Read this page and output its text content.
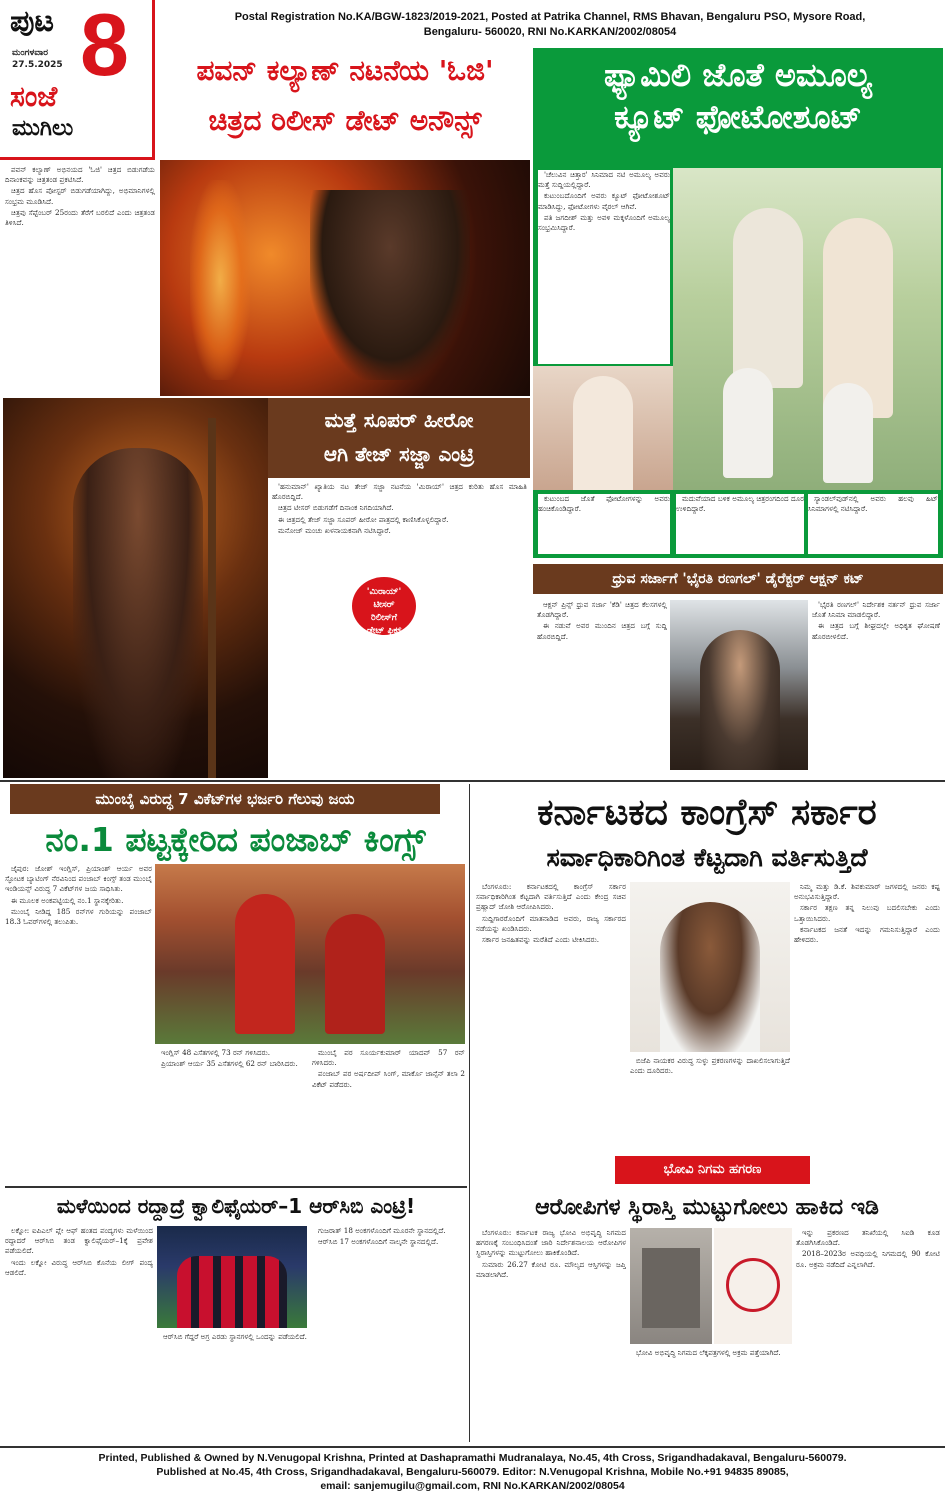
ಪುಟ 8
ಮಂಗಳವಾರ
27.5.2025
ಸಂಜೆ
ಮುಗಿಲು
Postal Registration No.KA/BGW-1823/2019-2021, Posted at Patrika Channel, RMS Bhavan, Bengaluru PSO, Mysore Road,
Bengaluru- 560020, RNI No.KARKAN/2002/08054
ಪವನ್ ಕಲ್ಯಾಣ್ ನಟನೆಯ 'ಓಜಿ'
ಚಿತ್ರದ ರಿಲೀಸ್ ಡೇಟ್ ಅನೌನ್ಸ್

ಪವನ್ ಕಲ್ಯಾಣ್ ಅಭಿನಯದ 'ಓಜಿ' ಚಿತ್ರದ ಬಿಡುಗಡೆಯ ದಿನಾಂಕವನ್ನು ಚಿತ್ರತಂಡ ಪ್ರಕಟಿಸಿದೆ.

ಚಿತ್ರದ ಹೊಸ ಪೋಸ್ಟರ್ ಬಿಡುಗಡೆಯಾಗಿದ್ದು, ಅಭಿಮಾನಿಗಳಲ್ಲಿ ಸಂಭ್ರಮ ಮೂಡಿಸಿದೆ.

ಚಿತ್ರವು ಸೆಪ್ಟೆಂಬರ್ 25ರಂದು ತೆರೆಗೆ ಬರಲಿದೆ ಎಂದು ಚಿತ್ರತಂಡ ತಿಳಿಸಿದೆ.

ಫ್ಯಾಮಿಲಿ ಜೊತೆ ಅಮೂಲ್ಯ
ಕ್ಯೂಟ್ ಫೋಟೋಶೂಟ್

'ಚೆಲುವಿನ ಚಿತ್ತಾರ' ಸಿನಿಮಾದ ನಟಿ ಅಮೂಲ್ಯ ಅವರು ಮತ್ತೆ ಸುದ್ದಿಯಲ್ಲಿದ್ದಾರೆ.

ಕುಟುಂಬದೊಂದಿಗೆ ಅವರು ಕ್ಯೂಟ್ ಫೋಟೋಶೂಟ್ ಮಾಡಿಸಿದ್ದು, ಫೋಟೋಗಳು ವೈರಲ್ ಆಗಿವೆ.

ಪತಿ ಜಗದೀಶ್ ಮತ್ತು ಅವಳಿ ಮಕ್ಕಳೊಂದಿಗೆ ಅಮೂಲ್ಯ ಸಂಭ್ರಮಿಸಿದ್ದಾರೆ.

ಕುಟುಂಬದ ಜೊತೆ ಫೋಟೋಗಳನ್ನು ಅವರು ಹಂಚಿಕೊಂಡಿದ್ದಾರೆ.

ಮದುವೆಯಾದ ಬಳಿಕ ಅಮೂಲ್ಯ ಚಿತ್ರರಂಗದಿಂದ ದೂರ ಉಳಿದಿದ್ದಾರೆ.

ಸ್ಯಾಂಡಲ್‌ವುಡ್‌ನಲ್ಲಿ ಅವರು ಹಲವು ಹಿಟ್ ಸಿನಿಮಾಗಳಲ್ಲಿ ನಟಿಸಿದ್ದಾರೆ.

ಮತ್ತೆ ಸೂಪರ್ ಹೀರೋ
ಆಗಿ ತೇಜ್ ಸಜ್ಜಾ ಎಂಟ್ರಿ

'ಹನುಮಾನ್' ಖ್ಯಾತಿಯ ನಟ ತೇಜ್ ಸಜ್ಜಾ ನಟನೆಯ 'ಮಿರಾಯ್' ಚಿತ್ರದ ಕುರಿತು ಹೊಸ ಮಾಹಿತಿ ಹೊರಬಿದ್ದಿದೆ.

ಚಿತ್ರದ ಟೀಸರ್ ಬಿಡುಗಡೆಗೆ ದಿನಾಂಕ ನಿಗದಿಯಾಗಿದೆ.

ಈ ಚಿತ್ರದಲ್ಲಿ ತೇಜ್ ಸಜ್ಜಾ ಸೂಪರ್ ಹೀರೋ ಪಾತ್ರದಲ್ಲಿ ಕಾಣಿಸಿಕೊಳ್ಳಲಿದ್ದಾರೆ.

ಮನೋಜ್ ಮಂಚು ಖಳನಾಯಕನಾಗಿ ನಟಿಸಿದ್ದಾರೆ.

'ಮಿರಾಯ್'
ಟೀಸರ್
ರಿಲೀಸ್‌ಗೆ
ಡೇಟ್ ಫಿಕ್ಸ್
ಧ್ರುವ ಸರ್ಜಾಗೆ 'ಭೈರತಿ ರಣಗಲ್' ಡೈರೆಕ್ಟರ್ ಆಕ್ಷನ್ ಕಟ್

ಆಕ್ಷನ್ ಪ್ರಿನ್ಸ್ ಧ್ರುವ ಸರ್ಜಾ 'ಕೆಡಿ' ಚಿತ್ರದ ಕೆಲಸಗಳಲ್ಲಿ ತೊಡಗಿದ್ದಾರೆ.

ಈ ನಡುವೆ ಅವರ ಮುಂದಿನ ಚಿತ್ರದ ಬಗ್ಗೆ ಸುದ್ದಿ ಹೊರಬಿದ್ದಿದೆ.

'ಭೈರತಿ ರಣಗಲ್' ನಿರ್ದೇಶಕ ನರ್ತನ್ ಧ್ರುವ ಸರ್ಜಾ ಜೊತೆ ಸಿನಿಮಾ ಮಾಡಲಿದ್ದಾರೆ.

ಈ ಚಿತ್ರದ ಬಗ್ಗೆ ಶೀಘ್ರದಲ್ಲೇ ಅಧಿಕೃತ ಘೋಷಣೆ ಹೊರಬೀಳಲಿದೆ.

ಮುಂಬೈ ವಿರುದ್ಧ 7 ವಿಕೆಟ್‌ಗಳ ಭರ್ಜರಿ ಗೆಲುವು ಜಯ
ನಂ.1 ಪಟ್ಟಕ್ಕೇರಿದ ಪಂಜಾಬ್ ಕಿಂಗ್ಸ್

ಜೈಪುರ: ಜೋಶ್ ಇಂಗ್ಲಿಸ್, ಪ್ರಿಯಾಂಶ್ ಆರ್ಯ ಅವರ ಸ್ಫೋಟಕ ಬ್ಯಾಟಿಂಗ್ ನೆರವಿನಿಂದ ಪಂಜಾಬ್ ಕಿಂಗ್ಸ್ ತಂಡ ಮುಂಬೈ ಇಂಡಿಯನ್ಸ್ ವಿರುದ್ಧ 7 ವಿಕೆಟ್‌ಗಳ ಜಯ ಸಾಧಿಸಿತು.

ಈ ಮೂಲಕ ಅಂಕಪಟ್ಟಿಯಲ್ಲಿ ನಂ.1 ಸ್ಥಾನಕ್ಕೇರಿತು.

ಮುಂಬೈ ನೀಡಿದ್ದ 185 ರನ್‌ಗಳ ಗುರಿಯನ್ನು ಪಂಜಾಬ್ 18.3 ಓವರ್‌ಗಳಲ್ಲಿ ತಲುಪಿತು.

ಇಂಗ್ಲಿಸ್ 48 ಎಸೆತಗಳಲ್ಲಿ 73 ರನ್ ಗಳಿಸಿದರು.

ಪ್ರಿಯಾಂಶ್ ಆರ್ಯ 35 ಎಸೆತಗಳಲ್ಲಿ 62 ರನ್ ಬಾರಿಸಿದರು.

ಮುಂಬೈ ಪರ ಸೂರ್ಯಕುಮಾರ್ ಯಾದವ್ 57 ರನ್ ಗಳಿಸಿದರು.

ಪಂಜಾಬ್ ಪರ ಅರ್ಷದೀಪ್ ಸಿಂಗ್, ಮಾರ್ಕೊ ಜಾನ್ಸೆನ್ ತಲಾ 2 ವಿಕೆಟ್ ಪಡೆದರು.

ಕರ್ನಾಟಕದ ಕಾಂಗ್ರೆಸ್ ಸರ್ಕಾರ
ಸರ್ವಾಧಿಕಾರಿಗಿಂತ ಕೆಟ್ಟದಾಗಿ ವರ್ತಿಸುತ್ತಿದೆ

ಬೆಂಗಳೂರು: ಕರ್ನಾಟಕದಲ್ಲಿ ಕಾಂಗ್ರೆಸ್ ಸರ್ಕಾರ ಸರ್ವಾಧಿಕಾರಿಗಿಂತ ಕೆಟ್ಟದಾಗಿ ವರ್ತಿಸುತ್ತಿದೆ ಎಂದು ಕೇಂದ್ರ ಸಚಿವ ಪ್ರಹ್ಲಾದ್ ಜೋಶಿ ಆರೋಪಿಸಿದರು.

ಸುದ್ದಿಗಾರರೊಂದಿಗೆ ಮಾತನಾಡಿದ ಅವರು, ರಾಜ್ಯ ಸರ್ಕಾರದ ನಡೆಯನ್ನು ಖಂಡಿಸಿದರು.

ಸರ್ಕಾರ ಜನಹಿತವನ್ನು ಮರೆತಿದೆ ಎಂದು ಟೀಕಿಸಿದರು.

ಬಿಜೆಪಿ ನಾಯಕರ ವಿರುದ್ಧ ಸುಳ್ಳು ಪ್ರಕರಣಗಳನ್ನು ದಾಖಲಿಸಲಾಗುತ್ತಿದೆ ಎಂದು ದೂರಿದರು.

ನಿಮ್ಮ ಮತ್ತು ಡಿ.ಕೆ. ಶಿವಕುಮಾರ್ ಜಗಳದಲ್ಲಿ ಜನರು ಕಷ್ಟ ಅನುಭವಿಸುತ್ತಿದ್ದಾರೆ.

ಸರ್ಕಾರ ತಕ್ಷಣ ತನ್ನ ನಿಲುವು ಬದಲಿಸಬೇಕು ಎಂದು ಒತ್ತಾಯಿಸಿದರು.

ಕರ್ನಾಟಕದ ಜನತೆ ಇದನ್ನು ಗಮನಿಸುತ್ತಿದ್ದಾರೆ ಎಂದು ಹೇಳಿದರು.

ಮಳೆಯಿಂದ ರದ್ದಾದ್ರೆ ಕ್ವಾಲಿಫೈಯರ್–1 ಆರ್‌ಸಿಬಿ ಎಂಟ್ರಿ!

ಲಕ್ನೋ: ಐಪಿಎಲ್ ಪ್ಲೇ ಆಫ್ ಹಂತದ ಪಂದ್ಯಗಳು ಮಳೆಯಿಂದ ರದ್ದಾದರೆ ಆರ್‌ಸಿಬಿ ತಂಡ ಕ್ವಾಲಿಫೈಯರ್–1ಕ್ಕೆ ಪ್ರವೇಶ ಪಡೆಯಲಿದೆ.

ಇಂದು ಲಕ್ನೋ ವಿರುದ್ಧ ಆರ್‌ಸಿಬಿ ಕೊನೆಯ ಲೀಗ್ ಪಂದ್ಯ ಆಡಲಿದೆ.

ಗುಜರಾತ್ 18 ಅಂಕಗಳೊಂದಿಗೆ ಮೂರನೇ ಸ್ಥಾನದಲ್ಲಿದೆ.

ಆರ್‌ಸಿಬಿ 17 ಅಂಕಗಳೊಂದಿಗೆ ನಾಲ್ಕನೇ ಸ್ಥಾನದಲ್ಲಿದೆ.

ಆರ್‌ಸಿಬಿ ಗೆದ್ದರೆ ಅಗ್ರ ಎರಡು ಸ್ಥಾನಗಳಲ್ಲಿ ಒಂದನ್ನು ಪಡೆಯಲಿದೆ.

ಭೋವಿ ನಿಗಮ ಹಗರಣ
ಆರೋಪಿಗಳ ಸ್ಥಿರಾಸ್ತಿ ಮುಟ್ಟುಗೋಲು ಹಾಕಿದ ಇಡಿ

ಬೆಂಗಳೂರು: ಕರ್ನಾಟಕ ರಾಜ್ಯ ಭೋವಿ ಅಭಿವೃದ್ಧಿ ನಿಗಮದ ಹಗರಣಕ್ಕೆ ಸಂಬಂಧಿಸಿದಂತೆ ಜಾರಿ ನಿರ್ದೇಶನಾಲಯ ಆರೋಪಿಗಳ ಸ್ಥಿರಾಸ್ತಿಗಳನ್ನು ಮುಟ್ಟುಗೋಲು ಹಾಕಿಕೊಂಡಿದೆ.

ಸುಮಾರು 26.27 ಕೋಟಿ ರೂ. ಮೌಲ್ಯದ ಆಸ್ತಿಗಳನ್ನು ಜಪ್ತಿ ಮಾಡಲಾಗಿದೆ.

ಭೋವಿ ಅಭಿವೃದ್ಧಿ ನಿಗಮದ ಲೆಕ್ಕಪತ್ರಗಳಲ್ಲಿ ಅಕ್ರಮ ಪತ್ತೆಯಾಗಿದೆ.

ಇನ್ನು ಪ್ರಕರಣದ ತನಿಖೆಯಲ್ಲಿ ಸಿಐಡಿ ಕೂಡ ತೊಡಗಿಸಿಕೊಂಡಿದೆ.

2018–2023ರ ಅವಧಿಯಲ್ಲಿ ನಿಗಮದಲ್ಲಿ 90 ಕೋಟಿ ರೂ. ಅಕ್ರಮ ನಡೆದಿದೆ ಎನ್ನಲಾಗಿದೆ.

Printed, Published & Owned by N.Venugopal Krishna, Printed at Dashapramathi Mudranalaya, No.45, 4th Cross, Srigandhadakaval, Bengaluru-560079.
Published at No.45, 4th Cross, Srigandhadakaval, Bengaluru-560079. Editor: N.Venugopal Krishna, Mobile No.+91 94835 89085,
email: sanjemugilu@gmail.com, RNI No.KARKAN/2002/08054
